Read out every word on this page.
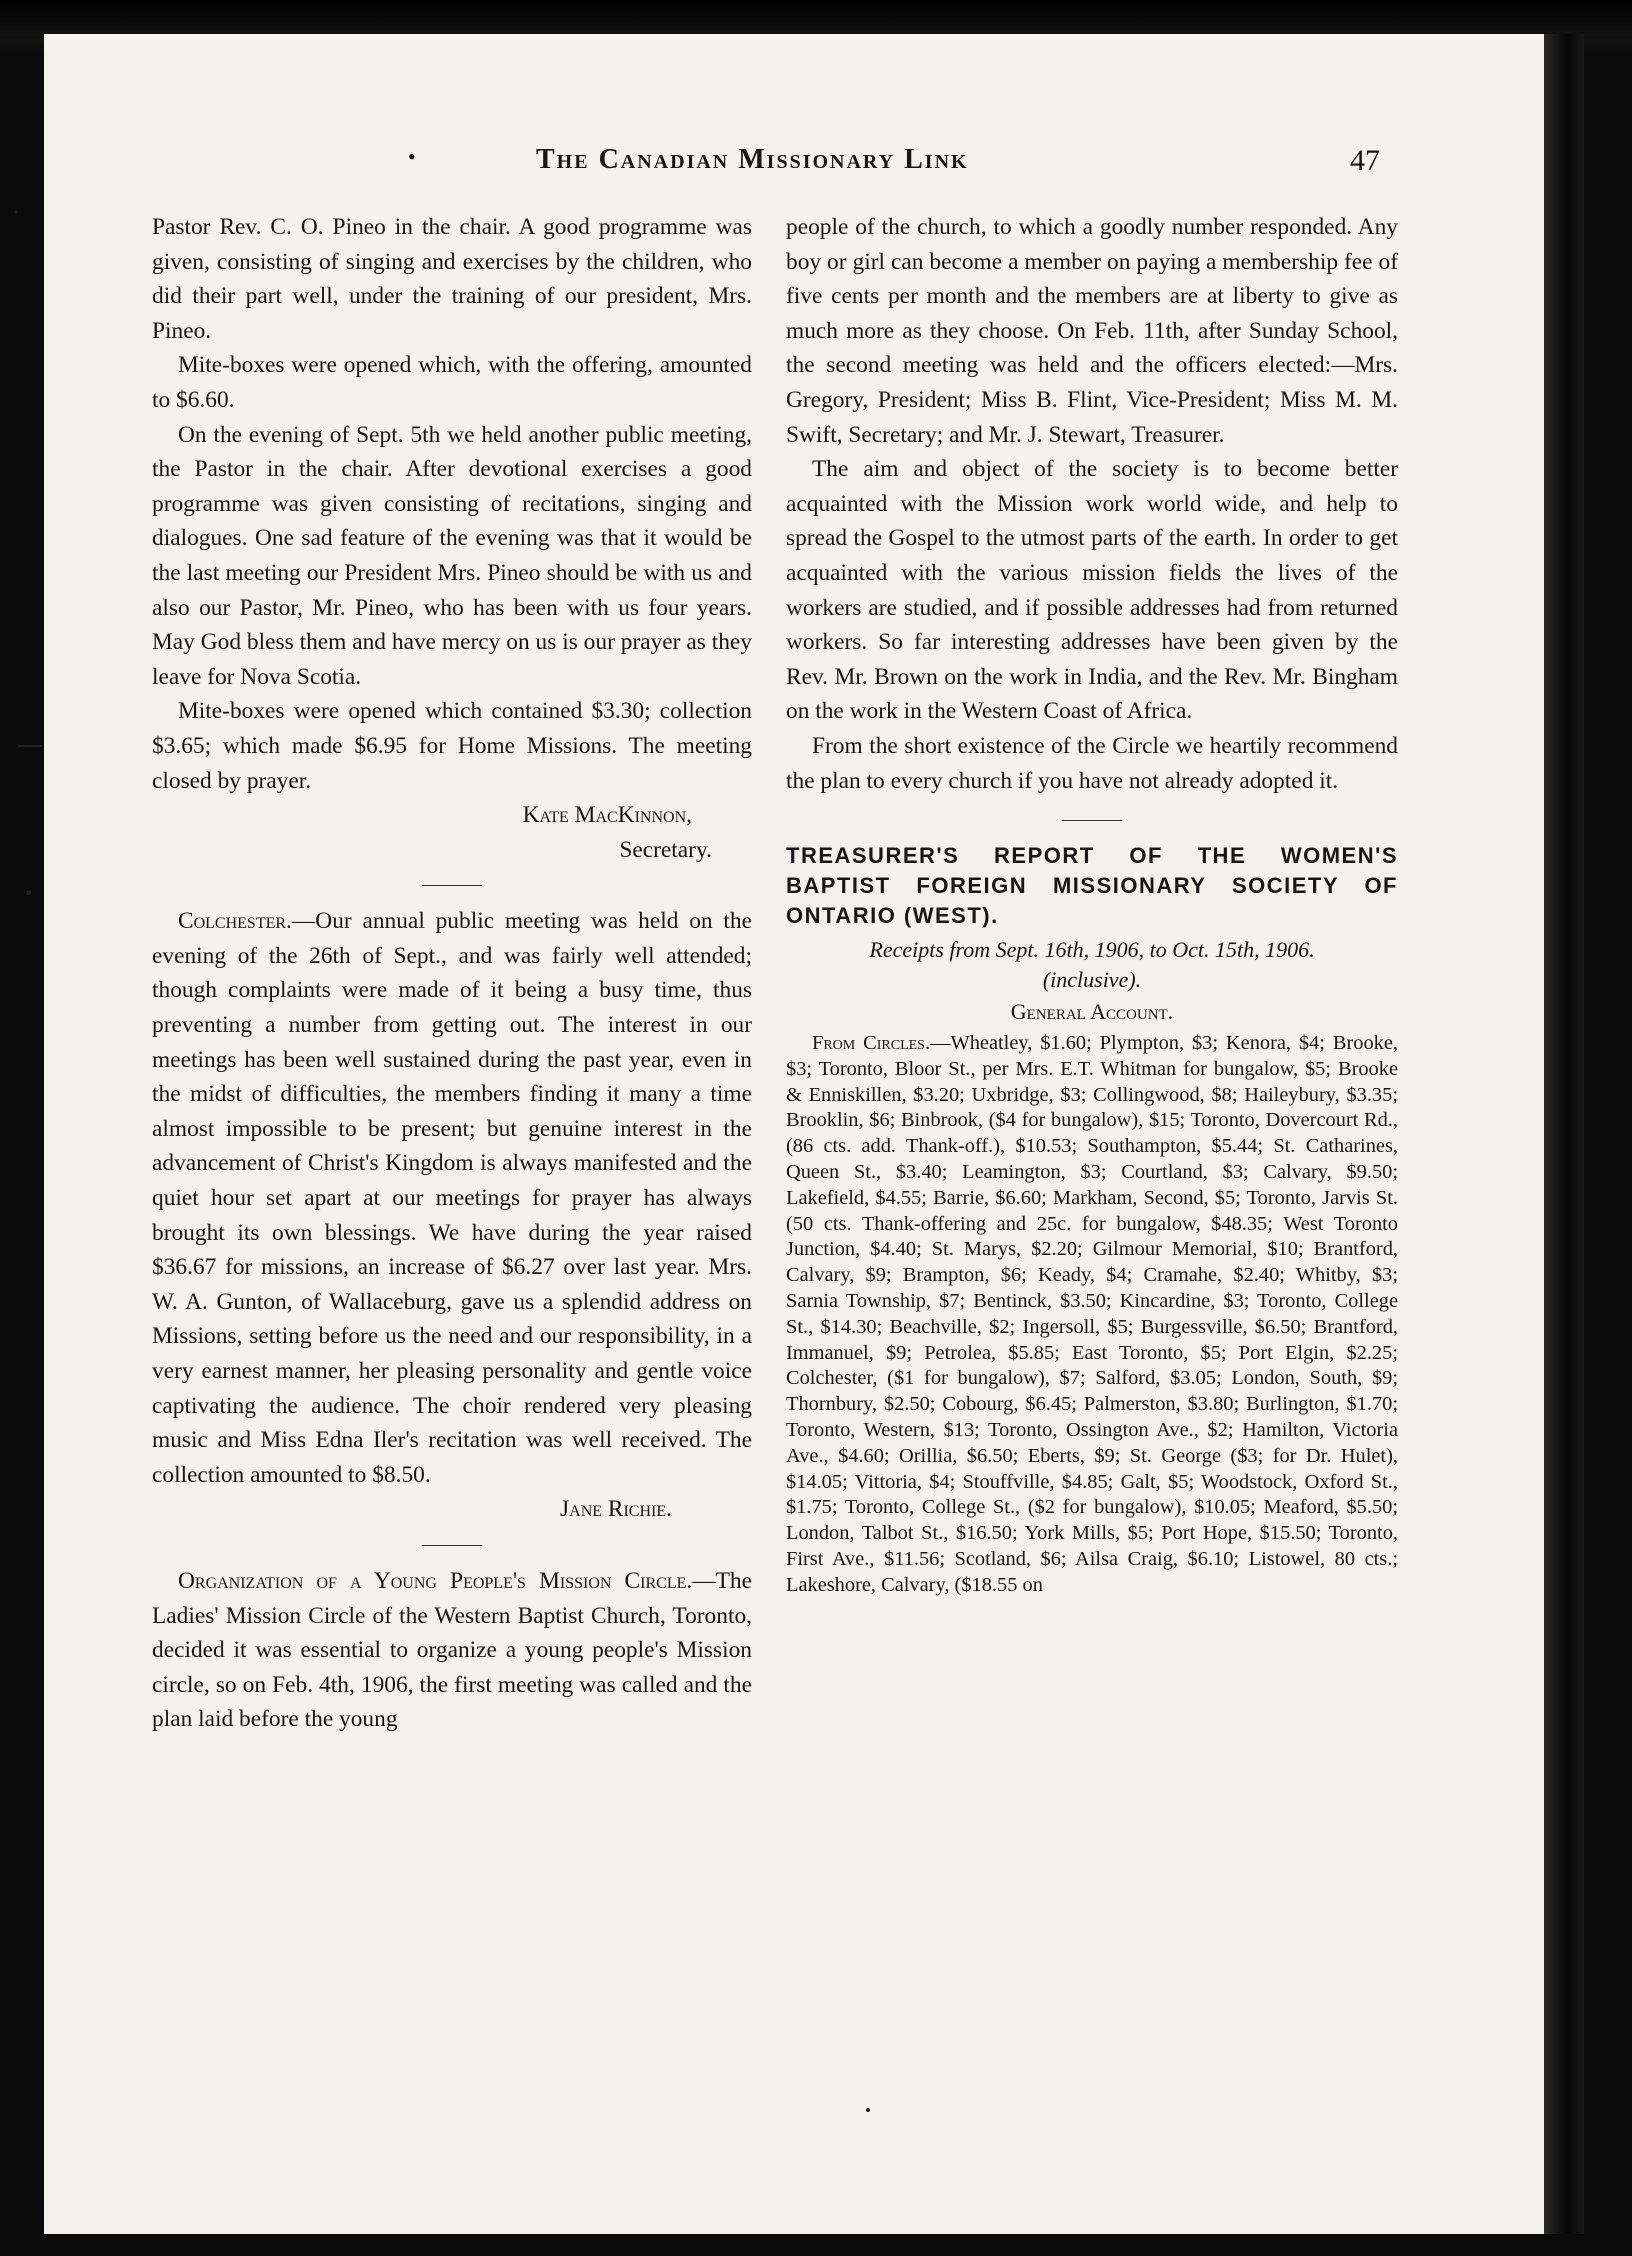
•	The Canadian Missionary Link	47

Pastor Rev. C. O. Pineo in the chair. A good programme was given, consisting of singing and exercises by the children, who did their part well, under the training of our president, Mrs. Pineo.

Mite-boxes were opened which, with the offering, amounted to $6.60.

On the evening of Sept. 5th we held another public meeting, the Pastor in the chair. After devotional exercises a good programme was given consisting of recitations, singing and dialogues. One sad feature of the evening was that it would be the last meeting our President Mrs. Pineo should be with us and also our Pastor, Mr. Pineo, who has been with us four years. May God bless them and have mercy on us is our prayer as they leave for Nova Scotia.

Mite-boxes were opened which contained $3.30; collection $3.65; which made $6.95 for Home Missions. The meeting closed by prayer.

Kate MacKinnon,
Secretary.

Colchester.—Our annual public meeting was held on the evening of the 26th of Sept., and was fairly well attended; though complaints were made of it being a busy time, thus preventing a number from getting out. The interest in our meetings has been well sustained during the past year, even in the midst of difficulties, the members finding it many a time almost impossible to be present; but genuine interest in the advancement of Christ's Kingdom is always manifested and the quiet hour set apart at our meetings for prayer has always brought its own blessings. We have during the year raised $36.67 for missions, an increase of $6.27 over last year. Mrs. W. A. Gunton, of Wallaceburg, gave us a splendid address on Missions, setting before us the need and our responsibility, in a very earnest manner, her pleasing personality and gentle voice captivating the audience. The choir rendered very pleasing music and Miss Edna Iler's recitation was well received. The collection amounted to $8.50.

Jane Richie.

Organization of a Young People's Mission Circle.—The Ladies' Mission Circle of the Western Baptist Church, Toronto, decided it was essential to organize a young people's Mission circle, so on Feb. 4th, 1906, the first meeting was called and the plan laid before the young

people of the church, to which a goodly number responded. Any boy or girl can become a member on paying a membership fee of five cents per month and the members are at liberty to give as much more as they choose. On Feb. 11th, after Sunday School, the second meeting was held and the officers elected:—Mrs. Gregory, President; Miss B. Flint, Vice-President; Miss M. M. Swift, Secretary; and Mr. J. Stewart, Treasurer.

The aim and object of the society is to become better acquainted with the Mission work world wide, and help to spread the Gospel to the utmost parts of the earth. In order to get acquainted with the various mission fields the lives of the workers are studied, and if possible addresses had from returned workers. So far interesting addresses have been given by the Rev. Mr. Brown on the work in India, and the Rev. Mr. Bingham on the work in the Western Coast of Africa.

From the short existence of the Circle we heartily recommend the plan to every church if you have not already adopted it.

TREASURER'S REPORT OF THE WOMEN'S BAPTIST FOREIGN MISSIONARY SOCIETY OF ONTARIO (WEST).
Receipts from Sept. 16th, 1906, to Oct. 15th, 1906.
(inclusive).
General Account.

From Circles.—Wheatley, $1.60; Plympton, $3; Kenora, $4; Brooke, $3; Toronto, Bloor St., per Mrs. E.T. Whitman for bungalow, $5; Brooke & Enniskillen, $3.20; Uxbridge, $3; Collingwood, $8; Haileybury, $3.35; Brooklin, $6; Binbrook, ($4 for bungalow), $15; Toronto, Dovercourt Rd., (86 cts. add. Thank-off.), $10.53; Southampton, $5.44; St. Catharines, Queen St., $3.40; Leamington, $3; Courtland, $3; Calvary, $9.50; Lakefield, $4.55; Barrie, $6.60; Markham, Second, $5; Toronto, Jarvis St. (50 cts. Thank-offering and 25c. for bungalow, $48.35; West Toronto Junction, $4.40; St. Marys, $2.20; Gilmour Memorial, $10; Brantford, Calvary, $9; Brampton, $6; Keady, $4; Cramahe, $2.40; Whitby, $3; Sarnia Township, $7; Bentinck, $3.50; Kincardine, $3; Toronto, College St., $14.30; Beachville, $2; Ingersoll, $5; Burgessville, $6.50; Brantford, Immanuel, $9; Petrolea, $5.85; East Toronto, $5; Port Elgin, $2.25; Colchester, ($1 for bungalow), $7; Salford, $3.05; London, South, $9; Thornbury, $2.50; Cobourg, $6.45; Palmerston, $3.80; Burlington, $1.70; Toronto, Western, $13; Toronto, Ossington Ave., $2; Hamilton, Victoria Ave., $4.60; Orillia, $6.50; Eberts, $9; St. George ($3; for Dr. Hulet), $14.05; Vittoria, $4; Stouffville, $4.85; Galt, $5; Woodstock, Oxford St., $1.75; Toronto, College St., ($2 for bungalow), $10.05; Meaford, $5.50; London, Talbot St., $16.50; York Mills, $5; Port Hope, $15.50; Toronto, First Ave., $11.56; Scotland, $6; Ailsa Craig, $6.10; Listowel, 80 cts.; Lakeshore, Calvary, ($18.55 on
